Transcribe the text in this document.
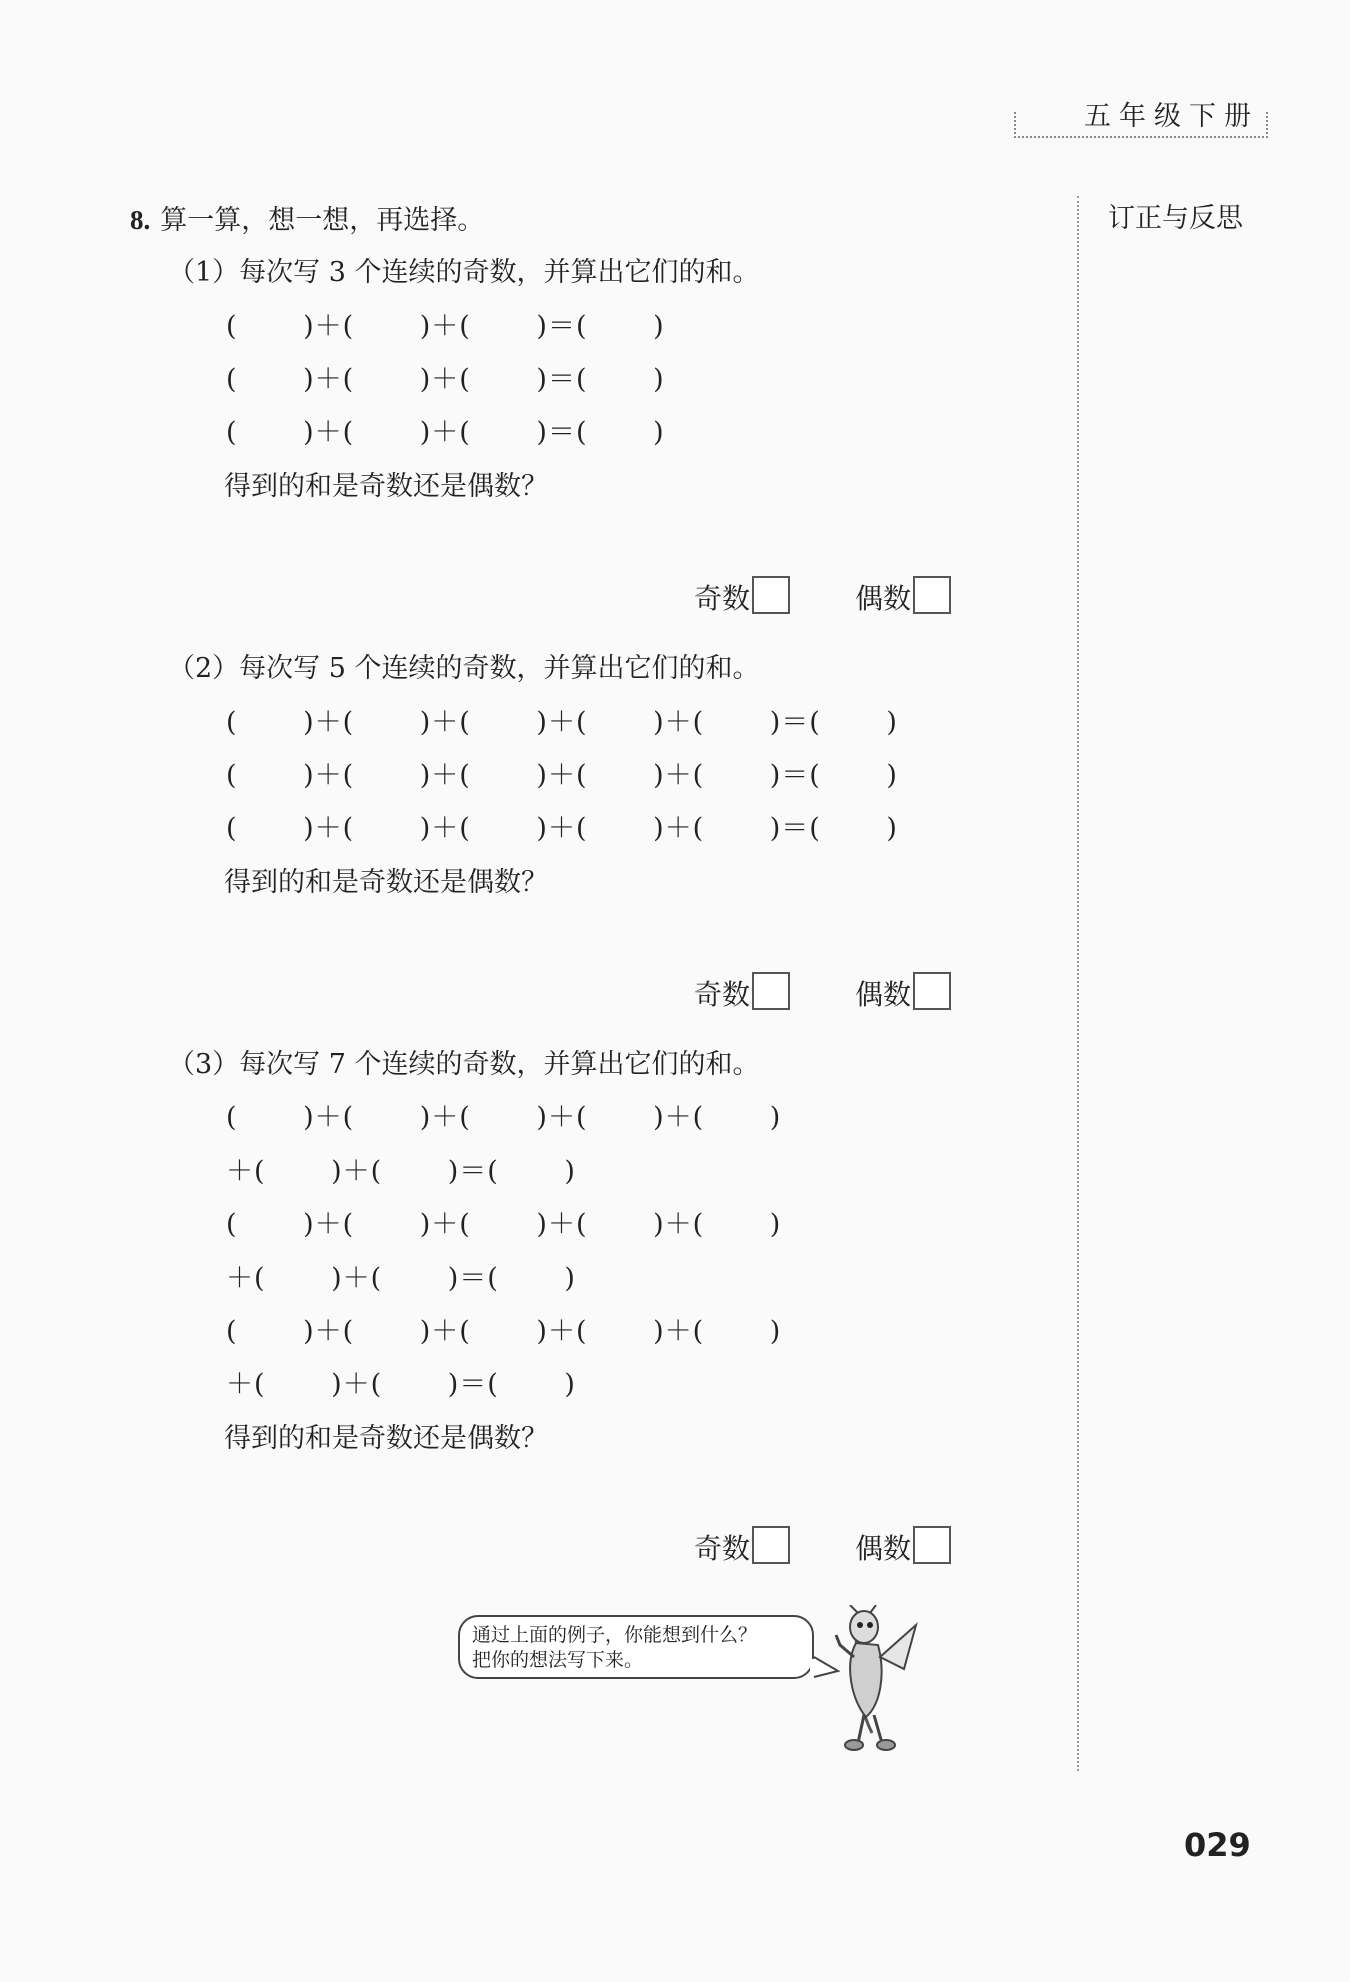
五年级下册
订正与反思
8. 算一算，想一想，再选择。
（1）每次写 3 个连续的奇数，并算出它们的和。
(　　 )＋(　　 )＋(　　 )＝(　　 )
(　　 )＋(　　 )＋(　　 )＝(　　 )
(　　 )＋(　　 )＋(　　 )＝(　　 )
得到的和是奇数还是偶数？
奇数	偶数
（2）每次写 5 个连续的奇数，并算出它们的和。
(　　 )＋(　　 )＋(　　 )＋(　　 )＋(　　 )＝(　　 )
(　　 )＋(　　 )＋(　　 )＋(　　 )＋(　　 )＝(　　 )
(　　 )＋(　　 )＋(　　 )＋(　　 )＋(　　 )＝(　　 )
得到的和是奇数还是偶数？
奇数	偶数
（3）每次写 7 个连续的奇数，并算出它们的和。
(　　 )＋(　　 )＋(　　 )＋(　　 )＋(　　 )
＋(　　 )＋(　　 )＝(　　 )
(　　 )＋(　　 )＋(　　 )＋(　　 )＋(　　 )
＋(　　 )＋(　　 )＝(　　 )
(　　 )＋(　　 )＋(　　 )＋(　　 )＋(　　 )
＋(　　 )＋(　　 )＝(　　 )
得到的和是奇数还是偶数？
奇数	偶数
通过上面的例子，你能想到什么？
把你的想法写下来。
029
